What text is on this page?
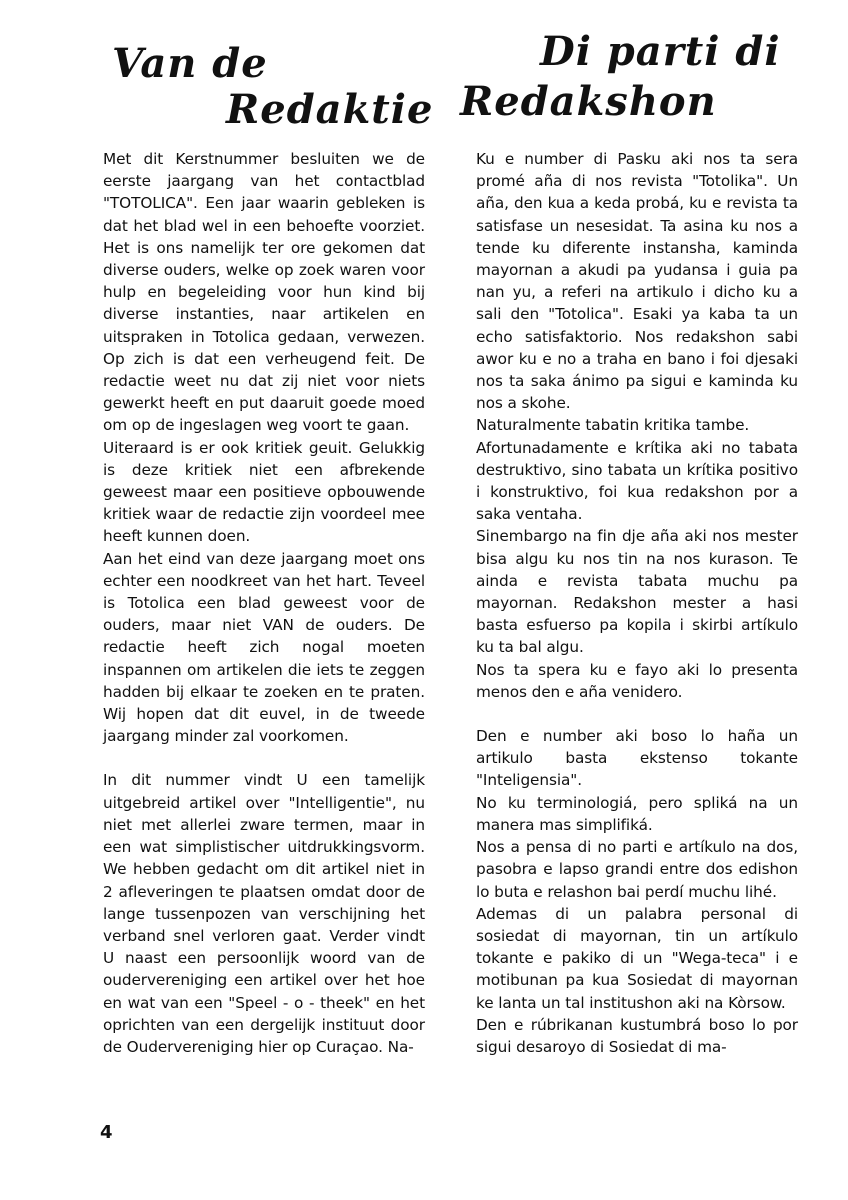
Van de
Redaktie
Di parti di
Redakshon

Met dit Kerstnummer besluiten we de eerste jaargang van het contactblad "TOTOLICA". Een jaar waarin gebleken is dat het blad wel in een behoefte voorziet. Het is ons namelijk ter ore gekomen dat diverse ouders, welke op zoek waren voor hulp en begeleiding voor hun kind bij diverse instanties, naar artikelen en uitspraken in Totolica gedaan, verwezen. Op zich is dat een verheugend feit. De redactie weet nu dat zij niet voor niets gewerkt heeft en put daaruit goede moed om op de ingeslagen weg voort te gaan.

Uiteraard is er ook kritiek geuit. Gelukkig is deze kritiek niet een afbrekende geweest maar een positieve opbouwende kritiek waar de redactie zijn voordeel mee heeft kunnen doen.

Aan het eind van deze jaargang moet ons echter een noodkreet van het hart. Teveel is Totolica een blad geweest voor de ouders, maar niet VAN de ouders. De redactie heeft zich nogal moeten inspannen om artikelen die iets te zeggen hadden bij elkaar te zoeken en te praten. Wij hopen dat dit euvel, in de tweede jaargang minder zal voorkomen.

In dit nummer vindt U een tamelijk uitgebreid artikel over "Intelligentie", nu niet met allerlei zware termen, maar in een wat simplistischer uitdrukkingsvorm. We hebben gedacht om dit artikel niet in 2 afleveringen te plaatsen omdat door de lange tussenpozen van verschijning het verband snel verloren gaat. Verder vindt U naast een persoonlijk woord van de oudervereniging een artikel over het hoe en wat van een "Speel - o - theek" en het oprichten van een dergelijk instituut door de Oudervereniging hier op Curaçao. Na-

Ku e number di Pasku aki nos ta sera promé aña di nos revista "Totolika". Un aña, den kua a keda probá, ku e revista ta satisfase un nesesidat. Ta asina ku nos a tende ku diferente instansha, kaminda mayornan a akudi pa yudansa i guia pa nan yu, a referi na artikulo i dicho ku a sali den "Totolica". Esaki ya kaba ta un echo satisfaktorio. Nos redakshon sabi awor ku e no a traha en bano i foi djesaki nos ta saka ánimo pa sigui e kaminda ku nos a skohe.

Naturalmente tabatin kritika tambe.

Afortunadamente e krítika aki no tabata destruktivo, sino tabata un krítika positivo i konstruktivo, foi kua redakshon por a saka ventaha.

Sinembargo na fin dje aña aki nos mester bisa algu ku nos tin na nos kurason. Te ainda e revista tabata muchu pa mayornan. Redakshon mester a hasi basta esfuerso pa kopila i skirbi artíkulo ku ta bal algu.

Nos ta spera ku e fayo aki lo presenta menos den e aña venidero.

Den e number aki boso lo haña un artikulo basta ekstenso tokante "Inteligensia".

No ku terminologiá, pero spliká na un manera mas simplifiká.

Nos a pensa di no parti e artíkulo na dos, pasobra e lapso grandi entre dos edishon lo buta e relashon bai perdí muchu lihé.

Ademas di un palabra personal di sosiedat di mayornan, tin un artíkulo tokante e pakiko di un "Wega-teca" i e motibunan pa kua Sosiedat di mayornan ke lanta un tal institushon aki na Kòrsow.

Den e rúbrikanan kustumbrá boso lo por sigui desaroyo di Sosiedat di ma-

4
